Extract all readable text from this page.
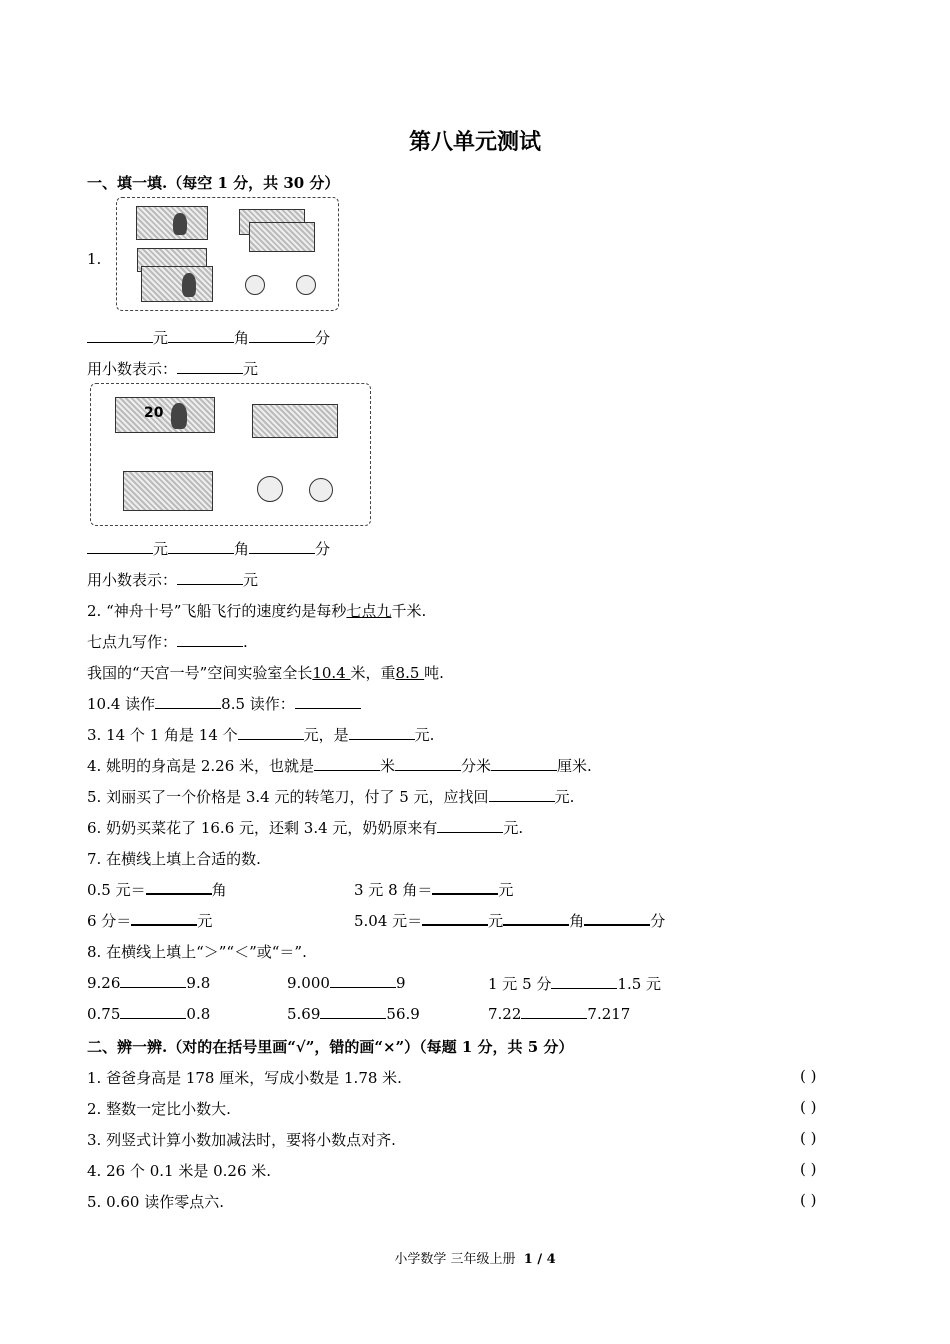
第八单元测试
一、填一填.（每空 1 分，共 30 分）
1.
元	角	分
用小数表示：	元
20
元	角	分
用小数表示：	元
2. “神舟十号”飞船飞行的速度约是每秒七点九千米.
七点九写作：	.
我国的“天宫一号”空间实验室全长10.4 米，重8.5 吨.
10.4 读作	8.5 读作：
3. 14 个 1 角是 14 个	元，是	元.
4. 姚明的身高是 2.26 米，也就是	米	分米	厘米.
5. 刘丽买了一个价格是 3.4 元的转笔刀，付了 5 元，应找回	元.
6. 奶奶买菜花了 16.6 元，还剩 3.4 元，奶奶原来有	元.
7. 在横线上填上合适的数.
0.5 元＝	角	3 元 8 角＝	元
6 分＝	元	5.04 元＝	元	角	分
8. 在横线上填上“＞”“＜”或“＝”.
9.26	9.8	9.000	9	1 元 5 分	1.5 元
0.75	0.8	5.69	56.9	7.22	7.217
二、辨一辨.（对的在括号里画“√”，错的画“×”）（每题 1 分，共 5 分）
1. 爸爸身高是 178 厘米，写成小数是 1.78 米.	( )
2. 整数一定比小数大.	( )
3. 列竖式计算小数加减法时，要将小数点对齐.	( )
4. 26 个 0.1 米是 0.26 米.	( )
5. 0.60 读作零点六.	( )
小学数学 三年级上册 1 / 4
